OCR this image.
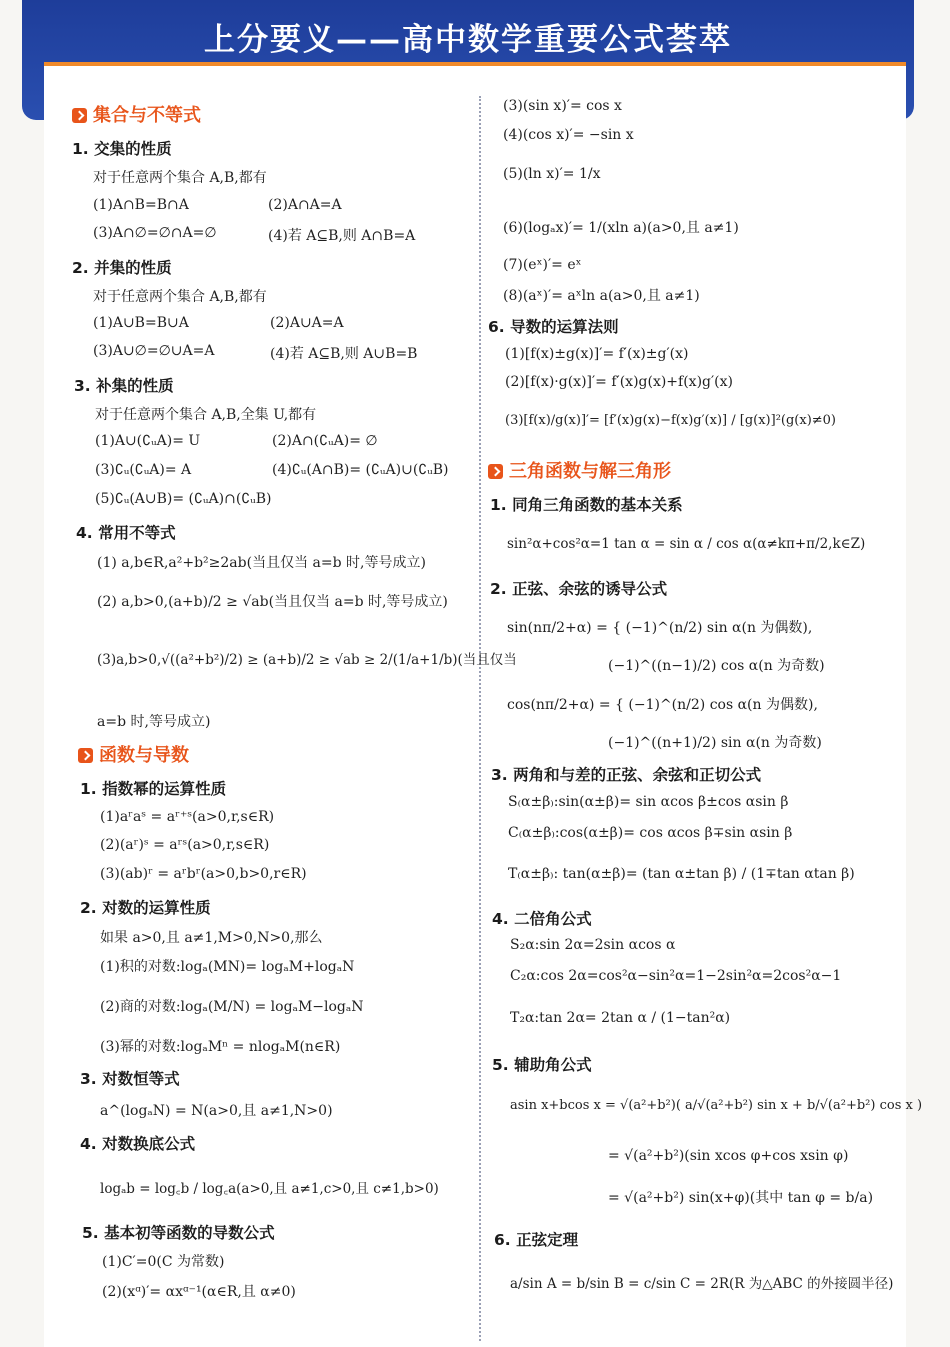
上分要义——高中数学重要公式荟萃
集合与不等式
1. 交集的性质
对于任意两个集合 A,B,都有
(1)A∩B=B∩A	(2)A∩A=A
(3)A∩∅=∅∩A=∅	(4)若 A⊆B,则 A∩B=A
2. 并集的性质
对于任意两个集合 A,B,都有
(1)A∪B=B∪A	(2)A∪A=A
(3)A∪∅=∅∪A=A	(4)若 A⊆B,则 A∪B=B
3. 补集的性质
对于任意两个集合 A,B,全集 U,都有
(1)A∪(∁ᵤA)= U	(2)A∩(∁ᵤA)= ∅
(3)∁ᵤ(∁ᵤA)= A	(4)∁ᵤ(A∩B)= (∁ᵤA)∪(∁ᵤB)
(5)∁ᵤ(A∪B)= (∁ᵤA)∩(∁ᵤB)
4. 常用不等式
(1) a,b∈R,a²+b²≥2ab(当且仅当 a=b 时,等号成立)
(2) a,b>0,(a+b)/2 ≥ √ab(当且仅当 a=b 时,等号成立)
(3)a,b>0,√((a²+b²)/2) ≥ (a+b)/2 ≥ √ab ≥ 2/(1/a+1/b)(当且仅当
a=b 时,等号成立)
函数与导数
1. 指数幂的运算性质
(1)aʳaˢ = aʳ⁺ˢ(a>0,r,s∈R)
(2)(aʳ)ˢ = aʳˢ(a>0,r,s∈R)
(3)(ab)ʳ = aʳbʳ(a>0,b>0,r∈R)
2. 对数的运算性质
如果 a>0,且 a≠1,M>0,N>0,那么
(1)积的对数:logₐ(MN)= logₐM+logₐN
(2)商的对数:logₐ(M/N) = logₐM−logₐN
(3)幂的对数:logₐMⁿ = nlogₐM(n∈R)
3. 对数恒等式
a^(logₐN) = N(a>0,且 a≠1,N>0)
4. 对数换底公式
logₐb = log꜀b / log꜀a(a>0,且 a≠1,c>0,且 c≠1,b>0)
5. 基本初等函数的导数公式
(1)C′=0(C 为常数)
(2)(xᵅ)′= αxᵅ⁻¹(α∈R,且 α≠0)
(3)(sin x)′= cos x
(4)(cos x)′= −sin x
(5)(ln x)′= 1/x
(6)(logₐx)′= 1/(xln a)(a>0,且 a≠1)
(7)(eˣ)′= eˣ
(8)(aˣ)′= aˣln a(a>0,且 a≠1)
6. 导数的运算法则
(1)[f(x)±g(x)]′= f′(x)±g′(x)
(2)[f(x)·g(x)]′= f′(x)g(x)+f(x)g′(x)
(3)[f(x)/g(x)]′= [f′(x)g(x)−f(x)g′(x)] / [g(x)]²(g(x)≠0)
三角函数与解三角形
1. 同角三角函数的基本关系
sin²α+cos²α=1 tan α = sin α / cos α(α≠kπ+π/2,k∈Z)
2. 正弦、余弦的诱导公式
sin(nπ/2+α) = { (−1)^(n/2) sin α(n 为偶数),
(−1)^((n−1)/2) cos α(n 为奇数)
cos(nπ/2+α) = { (−1)^(n/2) cos α(n 为偶数),
(−1)^((n+1)/2) sin α(n 为奇数)
3. 两角和与差的正弦、余弦和正切公式
S₍α±β₎:sin(α±β)= sin αcos β±cos αsin β
C₍α±β₎:cos(α±β)= cos αcos β∓sin αsin β
T₍α±β₎: tan(α±β)= (tan α±tan β) / (1∓tan αtan β)
4. 二倍角公式
S₂α:sin 2α=2sin αcos α
C₂α:cos 2α=cos²α−sin²α=1−2sin²α=2cos²α−1
T₂α:tan 2α= 2tan α / (1−tan²α)
5. 辅助角公式
asin x+bcos x = √(a²+b²)( a/√(a²+b²) sin x + b/√(a²+b²) cos x )
= √(a²+b²)(sin xcos φ+cos xsin φ)
= √(a²+b²) sin(x+φ)(其中 tan φ = b/a)
6. 正弦定理
a/sin A = b/sin B = c/sin C = 2R(R 为△ABC 的外接圆半径)
